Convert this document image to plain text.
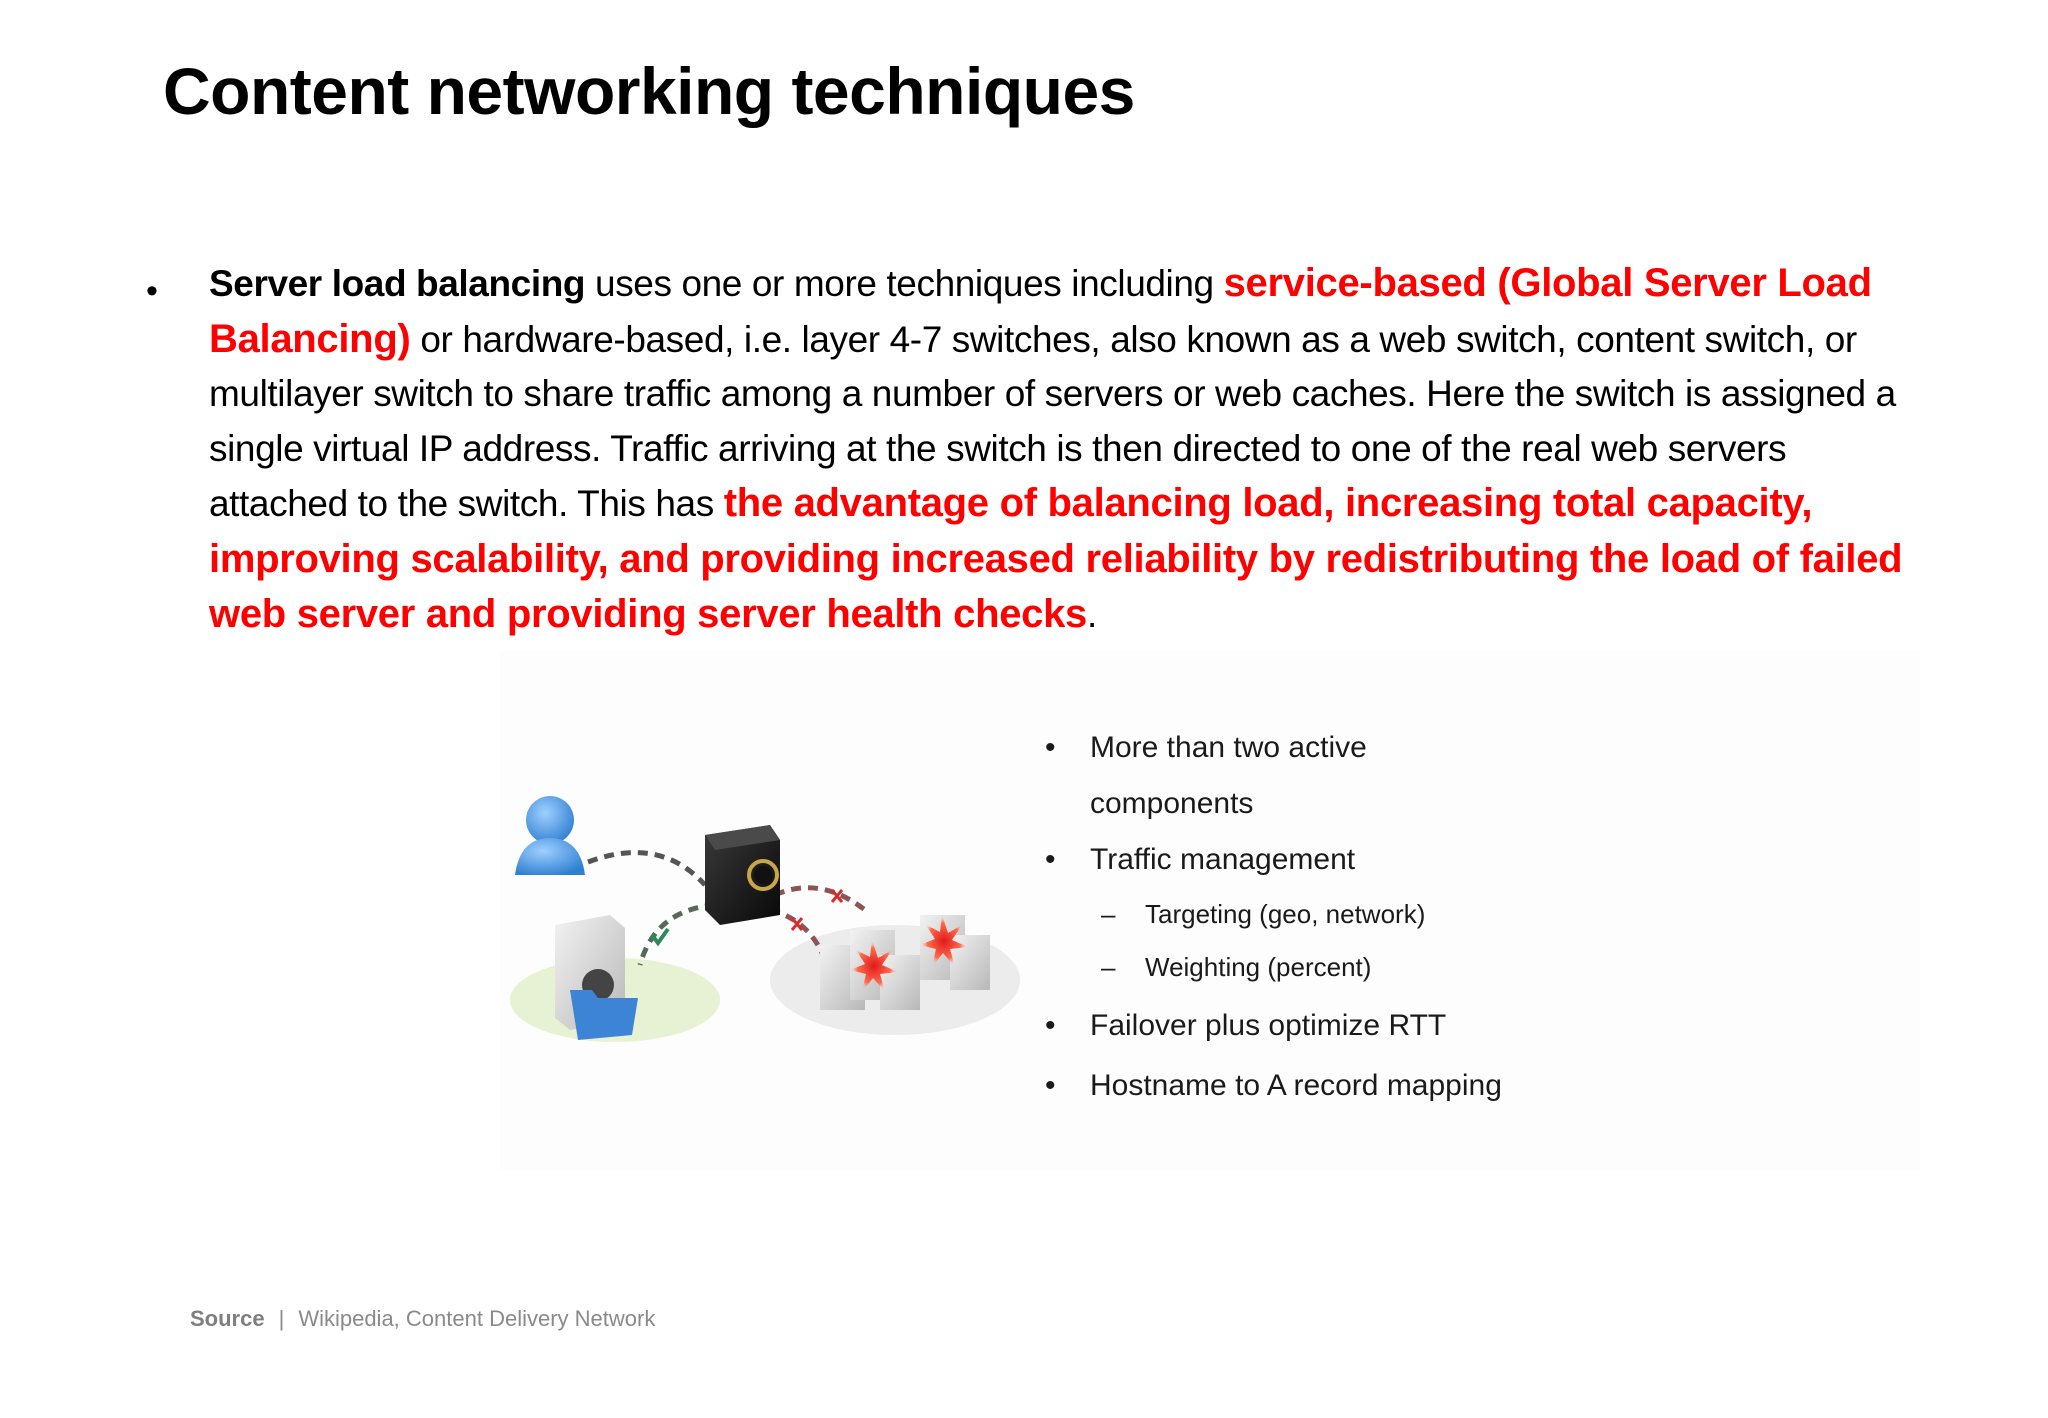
Content networking techniques
• Server load balancing uses one or more techniques including service-based (Global Server Load Balancing) or hardware-based, i.e. layer 4-7 switches, also known as a web switch, content switch, or multilayer switch to share traffic among a number of servers or web caches. Here the switch is assigned a single virtual IP address. Traffic arriving at the switch is then directed to one of the real web servers attached to the switch. This has the advantage of balancing load, increasing total capacity, improving scalability, and providing increased reliability by redistributing the load of failed web server and providing server health checks.

• More than two active
components
• Traffic management
– Targeting (geo, network)
– Weighting (percent)
• Failover plus optimize RTT
• Hostname to A record mapping
Source | Wikipedia, Content Delivery Network
